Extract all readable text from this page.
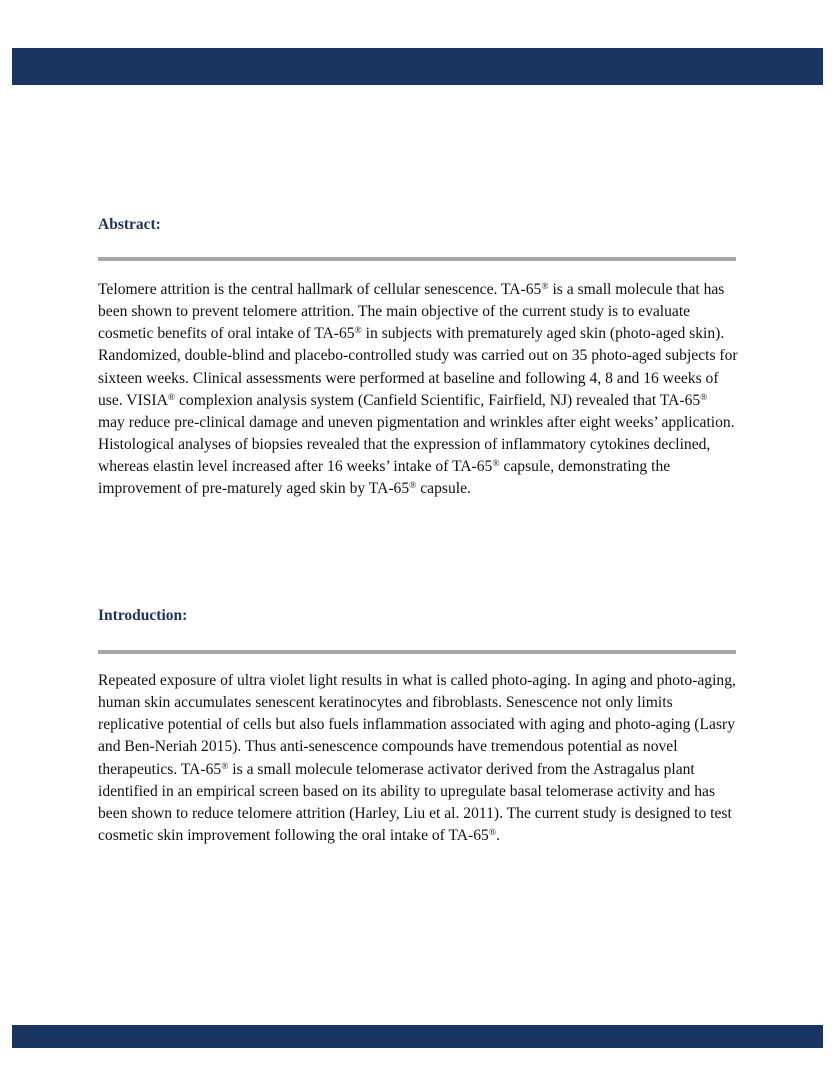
Abstract:

Telomere attrition is the central hallmark of cellular senescence. TA-65® is a small molecule that has been shown to prevent telomere attrition. The main objective of the current study is to evaluate cosmetic benefits of oral intake of TA-65® in subjects with prematurely aged skin (photo-aged skin). Randomized, double-blind and placebo-controlled study was carried out on 35 photo-aged subjects for sixteen weeks. Clinical assessments were performed at baseline and following 4, 8 and 16 weeks of use. VISIA® complexion analysis system (Canfield Scientific, Fairfield, NJ) revealed that TA-65® may reduce pre-clinical damage and uneven pigmentation and wrinkles after eight weeks’ application. Histological analyses of biopsies revealed that the expression of inflammatory cytokines declined, whereas elastin level increased after 16 weeks’ intake of TA-65® capsule, demonstrating the improvement of pre-maturely aged skin by TA-65® capsule.

Introduction:

Repeated exposure of ultra violet light results in what is called photo-aging. In aging and photo-aging, human skin accumulates senescent keratinocytes and fibroblasts. Senescence not only limits replicative potential of cells but also fuels inflammation associated with aging and photo-aging (Lasry and Ben-Neriah 2015). Thus anti-senescence compounds have tremendous potential as novel therapeutics. TA-65® is a small molecule telomerase activator derived from the Astragalus plant identified in an empirical screen based on its ability to upregulate basal telomerase activity and has been shown to reduce telomere attrition (Harley, Liu et al. 2011). The current study is designed to test cosmetic skin improvement following the oral intake of TA-65®.
